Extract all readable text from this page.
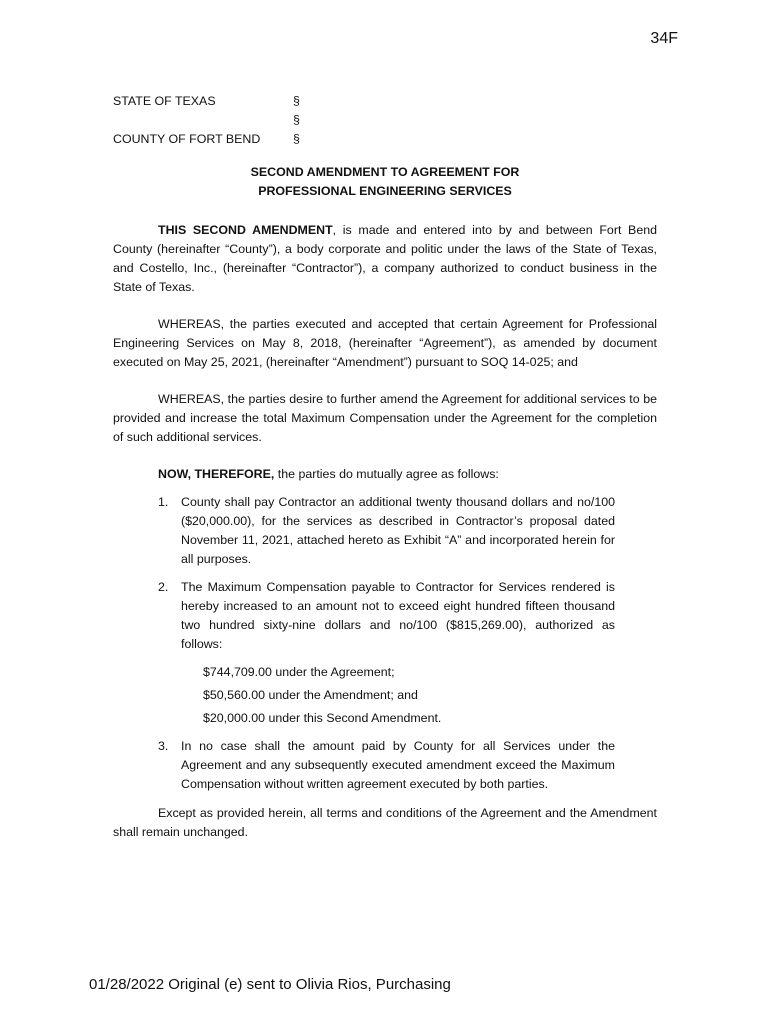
34F
STATE OF TEXAS	§
§
COUNTY OF FORT BEND	§
SECOND AMENDMENT TO AGREEMENT FOR
PROFESSIONAL ENGINEERING SERVICES

THIS SECOND AMENDMENT, is made and entered into by and between Fort Bend County (hereinafter “County”), a body corporate and politic under the laws of the State of Texas, and Costello, Inc., (hereinafter “Contractor”), a company authorized to conduct business in the State of Texas.

WHEREAS, the parties executed and accepted that certain Agreement for Professional Engineering Services on May 8, 2018, (hereinafter “Agreement”), as amended by document executed on May 25, 2021, (hereinafter “Amendment”) pursuant to SOQ 14-025; and

WHEREAS, the parties desire to further amend the Agreement for additional services to be provided and increase the total Maximum Compensation under the Agreement for the completion of such additional services.

NOW, THEREFORE, the parties do mutually agree as follows:

1. County shall pay Contractor an additional twenty thousand dollars and no/100 ($20,000.00), for the services as described in Contractor’s proposal dated November 11, 2021, attached hereto as Exhibit “A” and incorporated herein for all purposes.
2. The Maximum Compensation payable to Contractor for Services rendered is hereby increased to an amount not to exceed eight hundred fifteen thousand two hundred sixty-nine dollars and no/100 ($815,269.00), authorized as follows:
$744,709.00 under the Agreement;
$50,560.00 under the Amendment; and
$20,000.00 under this Second Amendment.
3. In no case shall the amount paid by County for all Services under the Agreement and any subsequently executed amendment exceed the Maximum Compensation without written agreement executed by both parties.

Except as provided herein, all terms and conditions of the Agreement and the Amendment shall remain unchanged.

01/28/2022 Original (e) sent to Olivia Rios, Purchasing
